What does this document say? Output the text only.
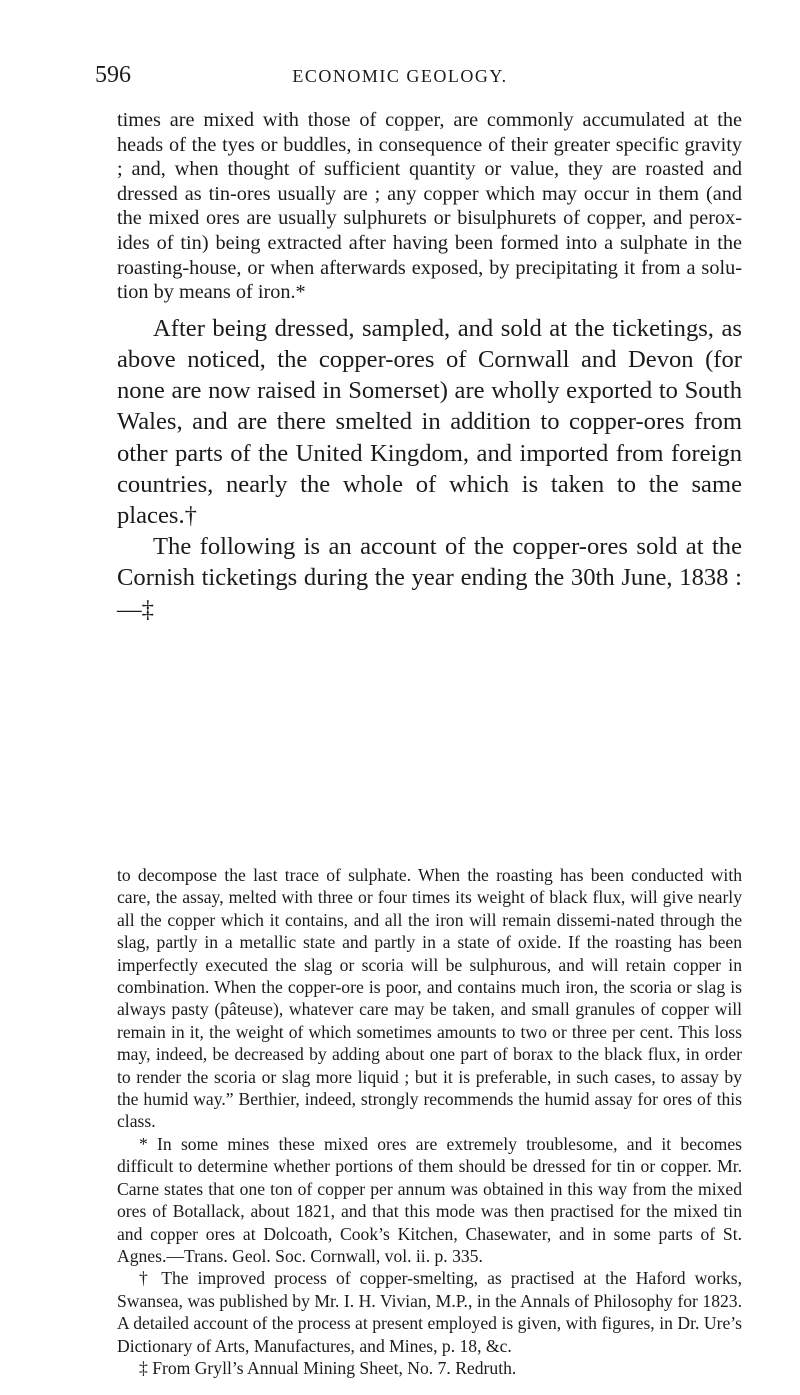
596	ECONOMIC GEOLOGY.

times are mixed with those of copper, are commonly accumulated at the heads of the tyes or buddles, in consequence of their greater specific gravity ; and, when thought of sufficient quantity or value, they are roasted and dressed as tin-ores usually are ; any copper which may occur in them (and the mixed ores are usually sulphurets or bisulphurets of copper, and perox-ides of tin) being extracted after having been formed into a sulphate in the roasting-house, or when afterwards exposed, by precipitating it from a solu-tion by means of iron.*

After being dressed, sampled, and sold at the ticketings, as above noticed, the copper-ores of Cornwall and Devon (for none are now raised in Somerset) are wholly exported to South Wales, and are there smelted in addition to copper-ores from other parts of the United Kingdom, and imported from foreign countries, nearly the whole of which is taken to the same places.†

The following is an account of the copper-ores sold at the Cornish ticketings during the year ending the 30th June, 1838 :—‡

to decompose the last trace of sulphate. When the roasting has been conducted with care, the assay, melted with three or four times its weight of black flux, will give nearly all the copper which it contains, and all the iron will remain dissemi-nated through the slag, partly in a metallic state and partly in a state of oxide. If the roasting has been imperfectly executed the slag or scoria will be sulphurous, and will retain copper in combination. When the copper-ore is poor, and contains much iron, the scoria or slag is always pasty (pâteuse), whatever care may be taken, and small granules of copper will remain in it, the weight of which sometimes amounts to two or three per cent. This loss may, indeed, be decreased by adding about one part of borax to the black flux, in order to render the scoria or slag more liquid ; but it is preferable, in such cases, to assay by the humid way.” Berthier, indeed, strongly recommends the humid assay for ores of this class.

* In some mines these mixed ores are extremely troublesome, and it becomes difficult to determine whether portions of them should be dressed for tin or copper. Mr. Carne states that one ton of copper per annum was obtained in this way from the mixed ores of Botallack, about 1821, and that this mode was then practised for the mixed tin and copper ores at Dolcoath, Cook’s Kitchen, Chasewater, and in some parts of St. Agnes.—Trans. Geol. Soc. Cornwall, vol. ii. p. 335.

† The improved process of copper-smelting, as practised at the Haford works, Swansea, was published by Mr. I. H. Vivian, M.P., in the Annals of Philosophy for 1823. A detailed account of the process at present employed is given, with figures, in Dr. Ure’s Dictionary of Arts, Manufactures, and Mines, p. 18, &c.

‡ From Gryll’s Annual Mining Sheet, No. 7. Redruth.
